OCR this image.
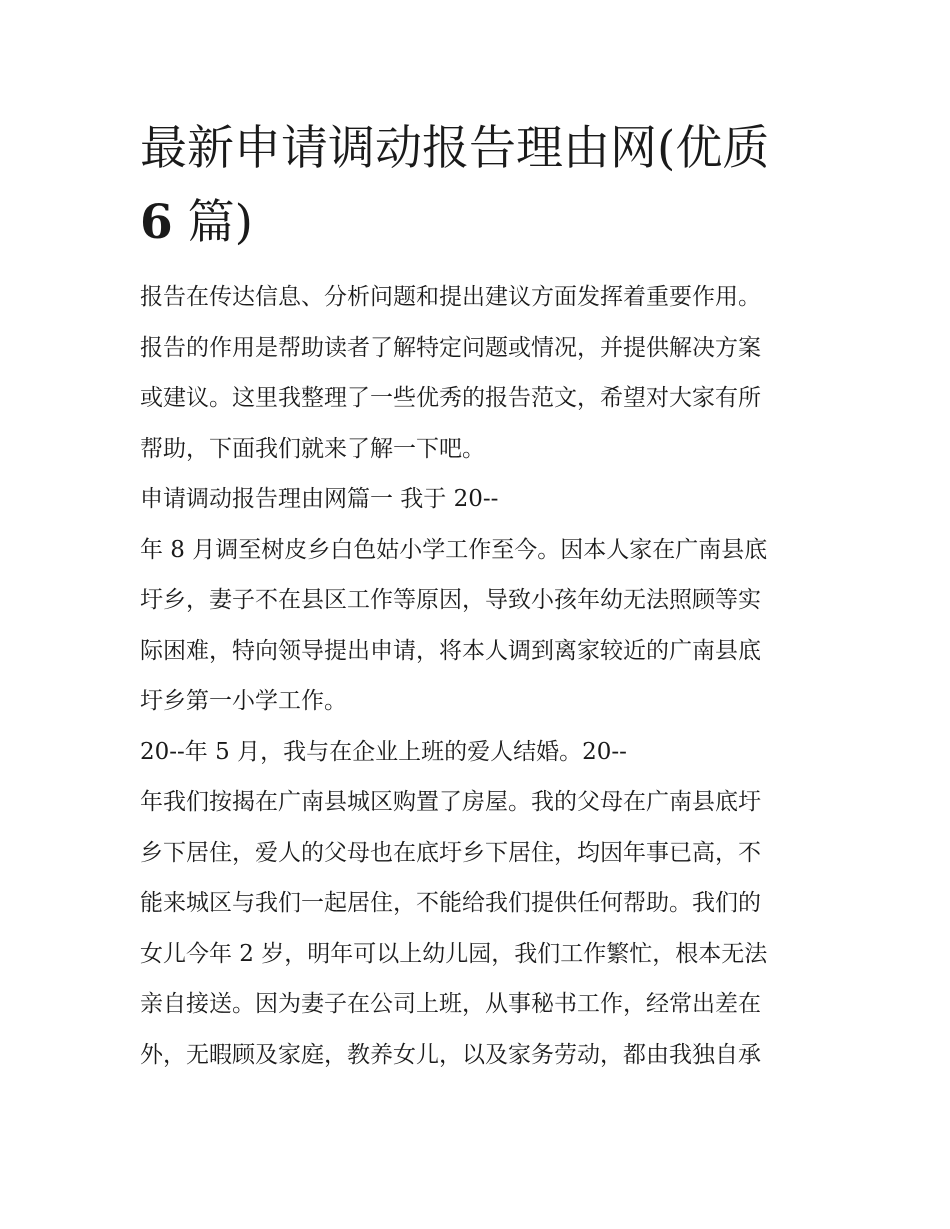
最新申请调动报告理由网(优质
6 篇)
报告在传达信息、分析问题和提出建议方面发挥着重要作用。
报告的作用是帮助读者了解特定问题或情况，并提供解决方案
或建议。这里我整理了一些优秀的报告范文，希望对大家有所
帮助，下面我们就来了解一下吧。
申请调动报告理由网篇一 我于 20--
年 8 月调至树皮乡白色姑小学工作至今。因本人家在广南县底
圩乡，妻子不在县区工作等原因，导致小孩年幼无法照顾等实
际困难，特向领导提出申请，将本人调到离家较近的广南县底
圩乡第一小学工作。
20--年 5 月，我与在企业上班的爱人结婚。20--
年我们按揭在广南县城区购置了房屋。我的父母在广南县底圩
乡下居住，爱人的父母也在底圩乡下居住，均因年事已高，不
能来城区与我们一起居住，不能给我们提供任何帮助。我们的
女儿今年 2 岁，明年可以上幼儿园，我们工作繁忙，根本无法
亲自接送。因为妻子在公司上班，从事秘书工作，经常出差在
外，无暇顾及家庭，教养女儿，以及家务劳动，都由我独自承
